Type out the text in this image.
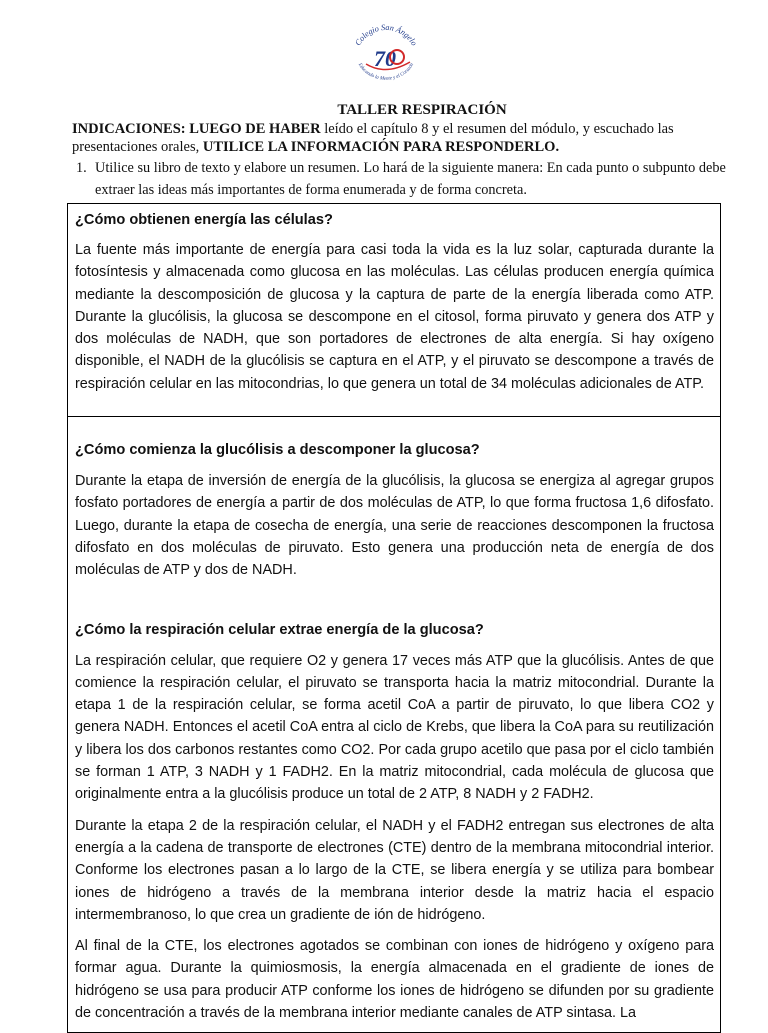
Colegio San Ángelo
70
Educando la Mente y el Corazón

TALLER RESPIRACIÓN

INDICACIONES: LUEGO DE HABER leído el capítulo 8 y el resumen del módulo, y escuchado las presentaciones orales, UTILICE LA INFORMACIÓN PARA RESPONDERLO.

1. Utilice su libro de texto y elabore un resumen. Lo hará de la siguiente manera: En cada punto o subpunto debe extraer las ideas más importantes de forma enumerada y de forma concreta.
¿Cómo obtienen energía las células?

La fuente más importante de energía para casi toda la vida es la luz solar, capturada durante la fotosíntesis y almacenada como glucosa en las moléculas. Las células producen energía química mediante la descomposición de glucosa y la captura de parte de la energía liberada como ATP. Durante la glucólisis, la glucosa se descompone en el citosol, forma piruvato y genera dos ATP y dos moléculas de NADH, que son portadores de electrones de alta energía. Si hay oxígeno disponible, el NADH de la glucólisis se captura en el ATP, y el piruvato se descompone a través de respiración celular en las mitocondrias, lo que genera un total de 34 moléculas adicionales de ATP.

¿Cómo comienza la glucólisis a descomponer la glucosa?

Durante la etapa de inversión de energía de la glucólisis, la glucosa se energiza al agregar grupos fosfato portadores de energía a partir de dos moléculas de ATP, lo que forma fructosa 1,6 difosfato. Luego, durante la etapa de cosecha de energía, una serie de reacciones descomponen la fructosa difosfato en dos moléculas de piruvato. Esto genera una producción neta de energía de dos moléculas de ATP y dos de NADH.

¿Cómo la respiración celular extrae energía de la glucosa?

La respiración celular, que requiere O2 y genera 17 veces más ATP que la glucólisis. Antes de que comience la respiración celular, el piruvato se transporta hacia la matriz mitocondrial. Durante la etapa 1 de la respiración celular, se forma acetil CoA a partir de piruvato, lo que libera CO2 y genera NADH. Entonces el acetil CoA entra al ciclo de Krebs, que libera la CoA para su reutilización y libera los dos carbonos restantes como CO2. Por cada grupo acetilo que pasa por el ciclo también se forman 1 ATP, 3 NADH y 1 FADH2. En la matriz mitocondrial, cada molécula de glucosa que originalmente entra a la glucólisis produce un total de 2 ATP, 8 NADH y 2 FADH2.

Durante la etapa 2 de la respiración celular, el NADH y el FADH2 entregan sus electrones de alta energía a la cadena de transporte de electrones (CTE) dentro de la membrana mitocondrial interior. Conforme los electrones pasan a lo largo de la CTE, se libera energía y se utiliza para bombear iones de hidrógeno a través de la membrana interior desde la matriz hacia el espacio intermembranoso, lo que crea un gradiente de ión de hidrógeno.

Al final de la CTE, los electrones agotados se combinan con iones de hidrógeno y oxígeno para formar agua. Durante la quimiosmosis, la energía almacenada en el gradiente de iones de hidrógeno se usa para producir ATP conforme los iones de hidrógeno se difunden por su gradiente de concentración a través de la membrana interior mediante canales de ATP sintasa. La
